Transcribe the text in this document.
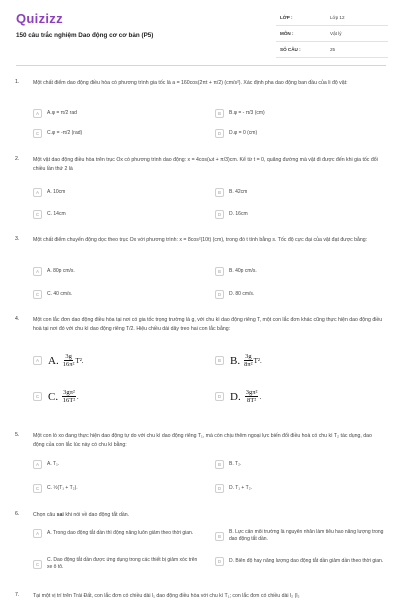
Quizizz
150 câu trắc nghiệm Dao động cơ cơ bản (P5)
LỚP :	Lớp 12
MÔN :	Vật lý
SỐ CÂU :	25
1.	Một chất điểm dao động điều hòa có phương trình gia tốc là a = 160cos(2πt + π/2) (cm/s²). Xác định pha dao động ban đầu của li độ vật:
A	A.φ = π/2 rad	B	B.φ = - π/3 (cm)
C	C.φ = -π/2 (rad)	D	D.φ = 0 (cm)
2.	Một vật dao động điều hòa trên trục Ox có phương trình dao động: x = 4cos(ωt + π/3)cm. Kể từ t = 0, quãng đường mà vật đi được đến khi gia tốc đổi chiều lần thứ 2 là
A	A. 10cm	B	B. 42cm
C	C. 14cm	D	D. 16cm
3.	Một chất điểm chuyển động dọc theo trục Ox với phương trình: x = 8cos²(10t) (cm), trong đó t tính bằng s. Tốc độ cực đại của vật đạt được bằng:
A	A. 80p cm/s.	B	B. 40p cm/s.
C	C. 40 cm/s.	D	D. 80 cm/s.
4.	Một con lắc đơn dao động điều hòa tại nơi có gia tốc trọng trường là g, với chu kì dao động riêng T, một con lắc đơn khác cũng thực hiện dao động điều hoà tại nơi đó với chu kì dao động riêng T/2. Hiệu chiều dài dây treo hai con lắc bằng:
A A. $\frac{3g}{\text{16π²}} T^2$.	B B. $\frac{3g}{\text{8π²}} T^2$.
C C. $\frac{\text{3gπ²}}{\text{16T²}}$ .	D D. $\frac{\text{3gπ²}}{\text{8T²}}$ .
5.	Một con lò xo đang thực hiện dao động tự do với chu kì dao động riêng T₁, mà còn chịu thêm ngoại lực biến đổi điều hoà có chu kì T₂ tác dụng, dao động của con lắc lúc này có chu kì bằng:
A	A. T₁.	B	B. T₂.
C	C. ½(T₁ + T₂).	D	D. T₁ + T₂.
6.	Chọn câu sai khi nói về dao động tắt dần.
A	A. Trong dao động tắt dần thì động năng luôn giảm theo thời gian.	B
B. Lực cản môi trường là nguyên nhân làm tiêu hao năng lượng trong dao động tắt dần.
C
C. Dao động tắt dần được ứng dụng trong các thiết bị giảm xóc trên xe ô tô.
D	D. Biên độ hay năng lượng dao động tắt dần giảm dần theo thời gian.
7.	Tại một vị trí trên Trái Đất, con lắc đơn có chiều dài l₁ dao động điều hòa với chu kì T₁; con lắc đơn có chiều dài l₂ (l₂
